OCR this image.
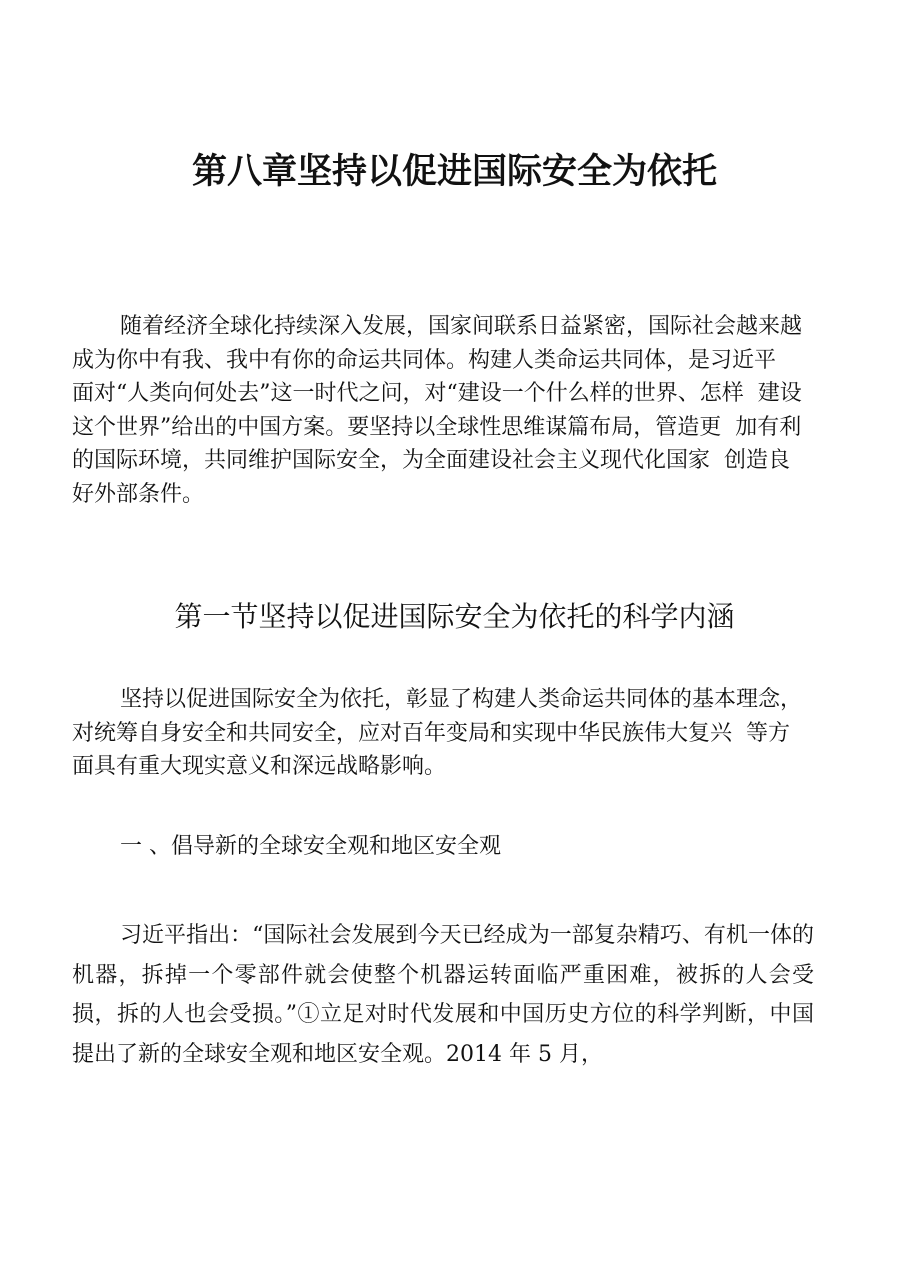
第八章坚持以促进国际安全为依托

随着经济全球化持续深入发展，国家间联系日益紧密，国际社会越来越成为你中有我、我中有你的命运共同体。构建人类命运共同体，是习近平  面对“人类向何处去”这一时代之问，对“建设一个什么样的世界、怎样  建设这个世界”给出的中国方案。要坚持以全球性思维谋篇布局，管造更  加有利的国际环境，共同维护国际安全，为全面建设社会主义现代化国家  创造良好外部条件。

第一节坚持以促进国际安全为依托的科学内涵

坚持以促进国际安全为依托，彰显了构建人类命运共同体的基本理念，对统筹自身安全和共同安全，应对百年变局和实现中华民族伟大复兴  等方面具有重大现实意义和深远战略影响。

一 、倡导新的全球安全观和地区安全观

习近平指出：“国际社会发展到今天已经成为一部复杂精巧、有机一体的机器，拆掉一个零部件就会使整个机器运转面临严重困难，被拆的人会受损，拆的人也会受损。”①立足对时代发展和中国历史方位的科学判断，中国提出了新的全球安全观和地区安全观。2014 年 5 月，
